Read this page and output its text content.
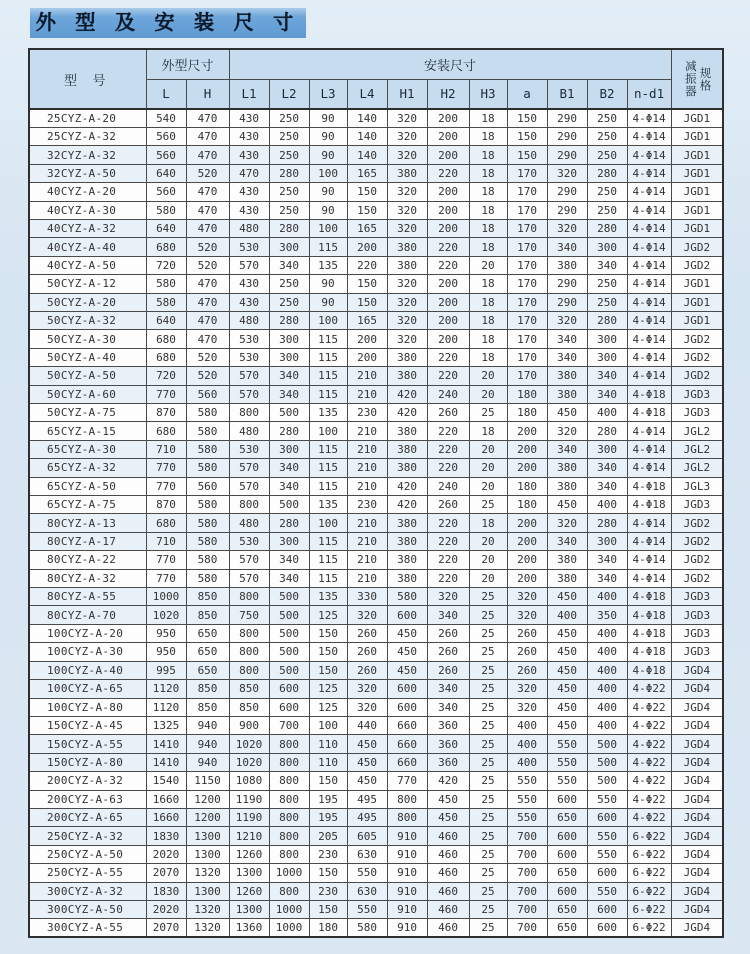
外 型 及 安 装 尺 寸
型 号	外型尺寸		安装尺寸											减振器 规格

	L	H	L1	L2	L3	L4	H1	H2	H3	a	B1	B2	n-d1	
25CYZ-A-20	540	470	430	250	90	140	320	200	18	150	290	250	4-Φ14	JGD1
25CYZ-A-32	560	470	430	250	90	140	320	200	18	150	290	250	4-Φ14	JGD1
32CYZ-A-32	560	470	430	250	90	140	320	200	18	150	290	250	4-Φ14	JGD1
32CYZ-A-50	640	520	470	280	100	165	380	220	18	170	320	280	4-Φ14	JGD1
40CYZ-A-20	560	470	430	250	90	150	320	200	18	170	290	250	4-Φ14	JGD1
40CYZ-A-30	580	470	430	250	90	150	320	200	18	170	290	250	4-Φ14	JGD1
40CYZ-A-32	640	470	480	280	100	165	320	200	18	170	320	280	4-Φ14	JGD1
40CYZ-A-40	680	520	530	300	115	200	380	220	18	170	340	300	4-Φ14	JGD2
40CYZ-A-50	720	520	570	340	135	220	380	220	20	170	380	340	4-Φ14	JGD2
50CYZ-A-12	580	470	430	250	90	150	320	200	18	170	290	250	4-Φ14	JGD1
50CYZ-A-20	580	470	430	250	90	150	320	200	18	170	290	250	4-Φ14	JGD1
50CYZ-A-32	640	470	480	280	100	165	320	200	18	170	320	280	4-Φ14	JGD1
50CYZ-A-30	680	470	530	300	115	200	320	200	18	170	340	300	4-Φ14	JGD2
50CYZ-A-40	680	520	530	300	115	200	380	220	18	170	340	300	4-Φ14	JGD2
50CYZ-A-50	720	520	570	340	115	210	380	220	20	170	380	340	4-Φ14	JGD2
50CYZ-A-60	770	560	570	340	115	210	420	240	20	180	380	340	4-Φ18	JGD3
50CYZ-A-75	870	580	800	500	135	230	420	260	25	180	450	400	4-Φ18	JGD3
65CYZ-A-15	680	580	480	280	100	210	380	220	18	200	320	280	4-Φ14	JGL2
65CYZ-A-30	710	580	530	300	115	210	380	220	20	200	340	300	4-Φ14	JGL2
65CYZ-A-32	770	580	570	340	115	210	380	220	20	200	380	340	4-Φ14	JGL2
65CYZ-A-50	770	560	570	340	115	210	420	240	20	180	380	340	4-Φ18	JGL3
65CYZ-A-75	870	580	800	500	135	230	420	260	25	180	450	400	4-Φ18	JGD3
80CYZ-A-13	680	580	480	280	100	210	380	220	18	200	320	280	4-Φ14	JGD2
80CYZ-A-17	710	580	530	300	115	210	380	220	20	200	340	300	4-Φ14	JGD2
80CYZ-A-22	770	580	570	340	115	210	380	220	20	200	380	340	4-Φ14	JGD2
80CYZ-A-32	770	580	570	340	115	210	380	220	20	200	380	340	4-Φ14	JGD2
80CYZ-A-55	1000	850	800	500	135	330	580	320	25	320	450	400	4-Φ18	JGD3
80CYZ-A-70	1020	850	750	500	125	320	600	340	25	320	400	350	4-Φ18	JGD3
100CYZ-A-20	950	650	800	500	150	260	450	260	25	260	450	400	4-Φ18	JGD3
100CYZ-A-30	950	650	800	500	150	260	450	260	25	260	450	400	4-Φ18	JGD3
100CYZ-A-40	995	650	800	500	150	260	450	260	25	260	450	400	4-Φ18	JGD4
100CYZ-A-65	1120	850	850	600	125	320	600	340	25	320	450	400	4-Φ22	JGD4
100CYZ-A-80	1120	850	850	600	125	320	600	340	25	320	450	400	4-Φ22	JGD4
150CYZ-A-45	1325	940	900	700	100	440	660	360	25	400	450	400	4-Φ22	JGD4
150CYZ-A-55	1410	940	1020	800	110	450	660	360	25	400	550	500	4-Φ22	JGD4
150CYZ-A-80	1410	940	1020	800	110	450	660	360	25	400	550	500	4-Φ22	JGD4
200CYZ-A-32	1540	1150	1080	800	150	450	770	420	25	550	550	500	4-Φ22	JGD4
200CYZ-A-63	1660	1200	1190	800	195	495	800	450	25	550	600	550	4-Φ22	JGD4
200CYZ-A-65	1660	1200	1190	800	195	495	800	450	25	550	650	600	4-Φ22	JGD4
250CYZ-A-32	1830	1300	1210	800	205	605	910	460	25	700	600	550	6-Φ22	JGD4
250CYZ-A-50	2020	1300	1260	800	230	630	910	460	25	700	600	550	6-Φ22	JGD4
250CYZ-A-55	2070	1320	1300	1000	150	550	910	460	25	700	650	600	6-Φ22	JGD4
300CYZ-A-32	1830	1300	1260	800	230	630	910	460	25	700	600	550	6-Φ22	JGD4
300CYZ-A-50	2020	1320	1300	1000	150	550	910	460	25	700	650	600	6-Φ22	JGD4
300CYZ-A-55	2070	1320	1360	1000	180	580	910	460	25	700	650	600	6-Φ22	JGD4
